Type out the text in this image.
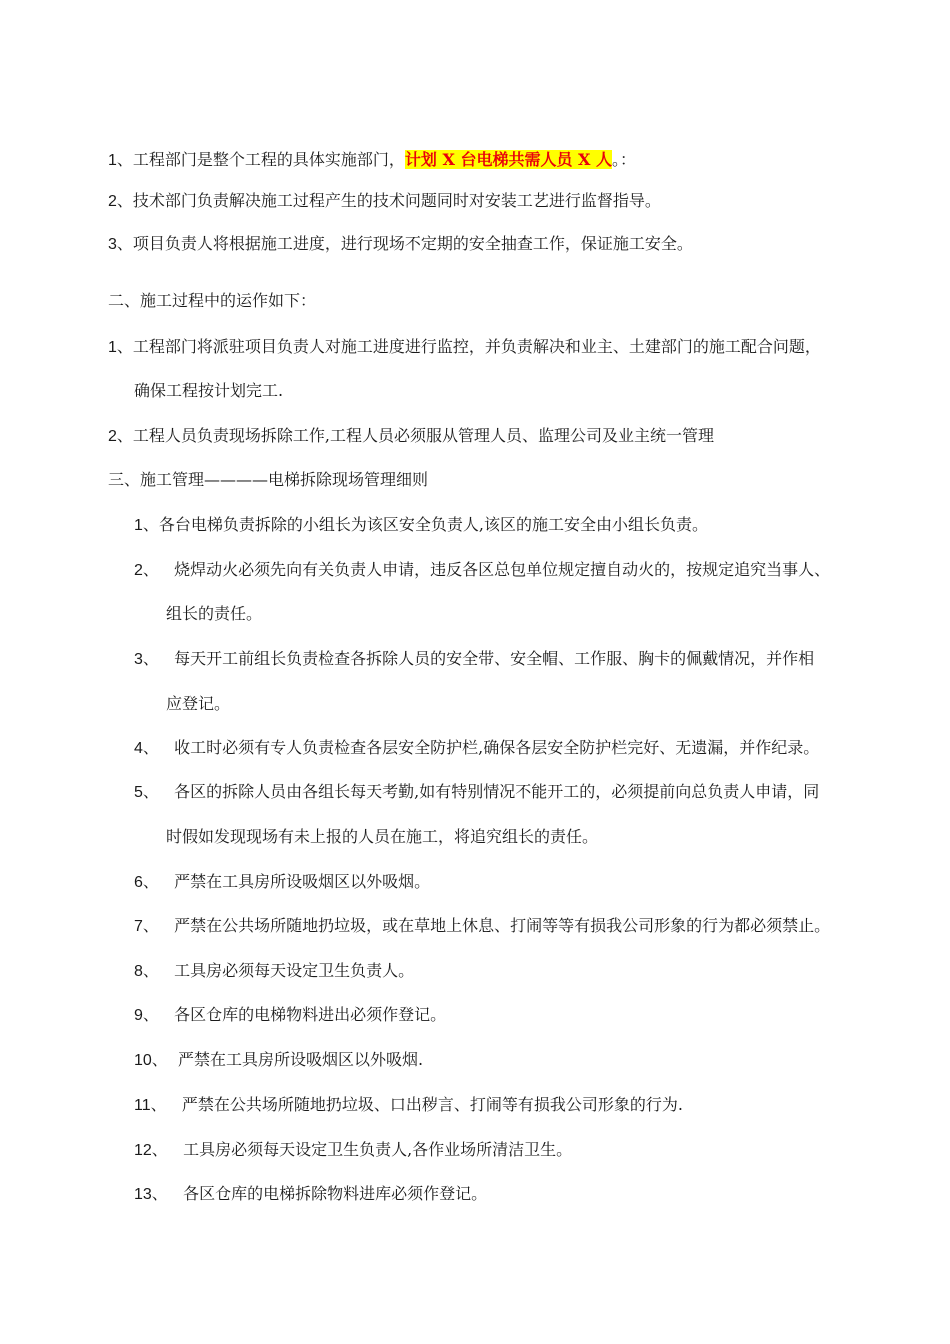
1、工程部门是整个工程的具体实施部门，计划 X 台电梯共需人员 X 人。：
2、技术部门负责解决施工过程产生的技术问题同时对安装工艺进行监督指导。
3、项目负责人将根据施工进度，进行现场不定期的安全抽查工作，保证施工安全。
二、施工过程中的运作如下：
1、工程部门将派驻项目负责人对施工进度进行监控，并负责解决和业主、土建部门的施工配合问题，
确保工程按计划完工.
2、工程人员负责现场拆除工作,工程人员必须服从管理人员、监理公司及业主统一管理
三、施工管理————电梯拆除现场管理细则
1、各台电梯负责拆除的小组长为该区安全负责人,该区的施工安全由小组长负责。
2、 烧焊动火必须先向有关负责人申请，违反各区总包单位规定擅自动火的，按规定追究当事人、
组长的责任。
3、 每天开工前组长负责检查各拆除人员的安全带、安全帽、工作服、胸卡的佩戴情况，并作相
应登记。
4、 收工时必须有专人负责检查各层安全防护栏,确保各层安全防护栏完好、无遗漏，并作纪录。
5、 各区的拆除人员由各组长每天考勤,如有特别情况不能开工的，必须提前向总负责人申请，同
时假如发现现场有未上报的人员在施工，将追究组长的责任。
6、 严禁在工具房所设吸烟区以外吸烟。
7、 严禁在公共场所随地扔垃圾，或在草地上休息、打闹等等有损我公司形象的行为都必须禁止。
8、 工具房必须每天设定卫生负责人。
9、 各区仓库的电梯物料进出必须作登记。
10、 严禁在工具房所设吸烟区以外吸烟.
11、 严禁在公共场所随地扔垃圾、口出秽言、打闹等有损我公司形象的行为.
12、 工具房必须每天设定卫生负责人,各作业场所清洁卫生。
13、 各区仓库的电梯拆除物料进库必须作登记。
